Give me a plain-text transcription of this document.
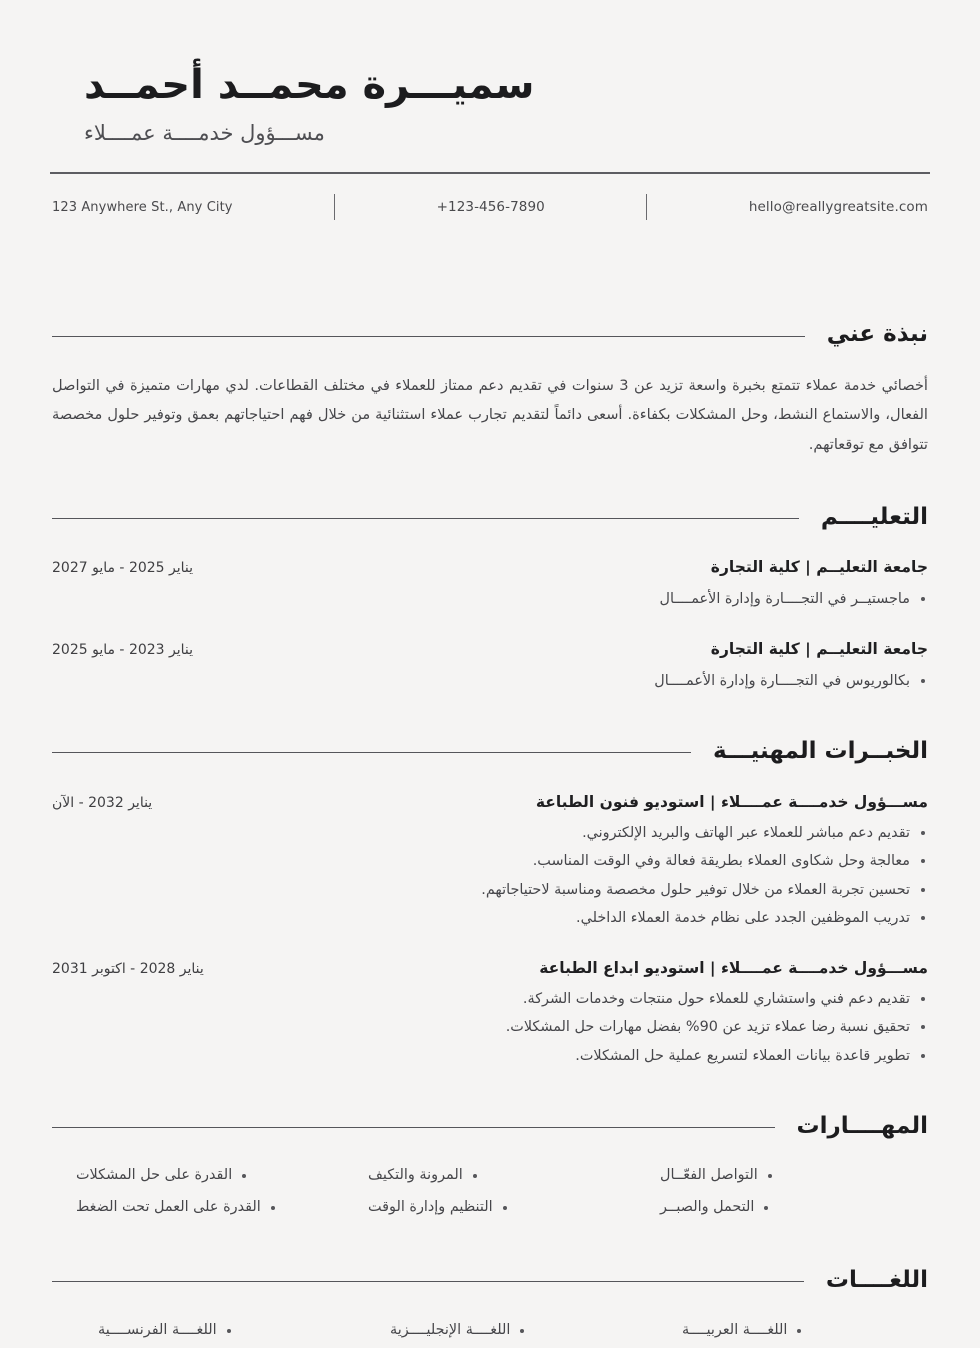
سميـــرة محمــد أحمــد
مســـؤول خدمــــة عمــــلاء
hello@reallygreatsite.com
+123-456-7890
123 Anywhere St., Any City
نبذة عني
أخصائي خدمة عملاء تتمتع بخبرة واسعة تزيد عن 3 سنوات في تقديم دعم ممتاز للعملاء في مختلف القطاعات. لدي مهارات متميزة في التواصل الفعال، والاستماع النشط، وحل المشكلات بكفاءة. أسعى دائماً لتقديم تجارب عملاء استثنائية من خلال فهم احتياجاتهم بعمق وتوفير حلول مخصصة تتوافق مع توقعاتهم.
التعليــــم
جامعة التعليــم | كلية التجارة
يناير 2025 - مايو 2027
ماجستيــر في التجــــارة وإدارة الأعمــــال
جامعة التعليــم | كلية التجارة
يناير 2023 - مايو 2025
بكالوريوس في التجــــارة وإدارة الأعمــــال
الخبــرات المهنيـــة
مســـؤول خدمــــة عمــــلاء | استوديو فنون الطباعة
يناير 2032 - الآن
تقديم دعم مباشر للعملاء عبر الهاتف والبريد الإلكتروني.
معالجة وحل شكاوى العملاء بطريقة فعالة وفي الوقت المناسب.
تحسين تجربة العملاء من خلال توفير حلول مخصصة ومناسبة لاحتياجاتهم.
تدريب الموظفين الجدد على نظام خدمة العملاء الداخلي.
مســـؤول خدمــــة عمــــلاء | استوديو ابداع الطباعة
يناير 2028 - اكتوبر 2031
تقديم دعم فني واستشاري للعملاء حول منتجات وخدمات الشركة.
تحقيق نسبة رضا عملاء تزيد عن 90% بفضل مهارات حل المشكلات.
تطوير قاعدة بيانات العملاء لتسريع عملية حل المشكلات.
المهــــارات
التواصل الفعّــال
التحمل والصبــر
المرونة والتكيف
التنظيم وإدارة الوقت
القدرة على حل المشكلات
القدرة على العمل تحت الضغط
اللغــــات
اللغــــة العربيــــة
اللغــــة الإنجليــــزية
اللغــــة الفرنســــية
